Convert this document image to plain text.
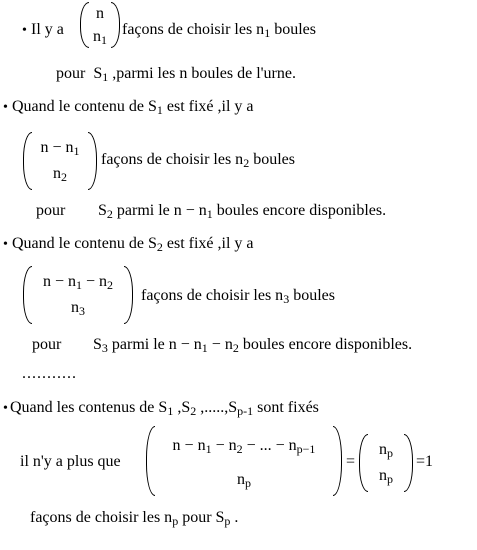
• Il y a
n
$n_1$
façons de choisir les $n_1$ boules
pour $S_1$ ,parmi les n boules de l'urne.
• Quand le contenu de $S_1$ est fixé ,il y a
$n - n_1$
$n_2$
façons de choisir les $n_2$ boules
pour $S_2$ parmi le $n - n_1$ boules encore disponibles.
• Quand le contenu de $S_2$ est fixé ,il y a
$n - n_1 - n_2$
$n_3$
façons de choisir les $n_3$ boules
pour $S_3$ parmi le $n - n_1 - n_2$ boules encore disponibles.
...........
• Quand les contenus de $S_1$ $,S_2$ $,.....,S_{p-1}$ sont fixés
il n'y a plus que
$n - n_1 - n_2$ − ... − $n_{p-1}$
$n_p$
=
$n_p$
$n_p$
=1
façons de choisir les $n_p$ pour $S_p$ .
